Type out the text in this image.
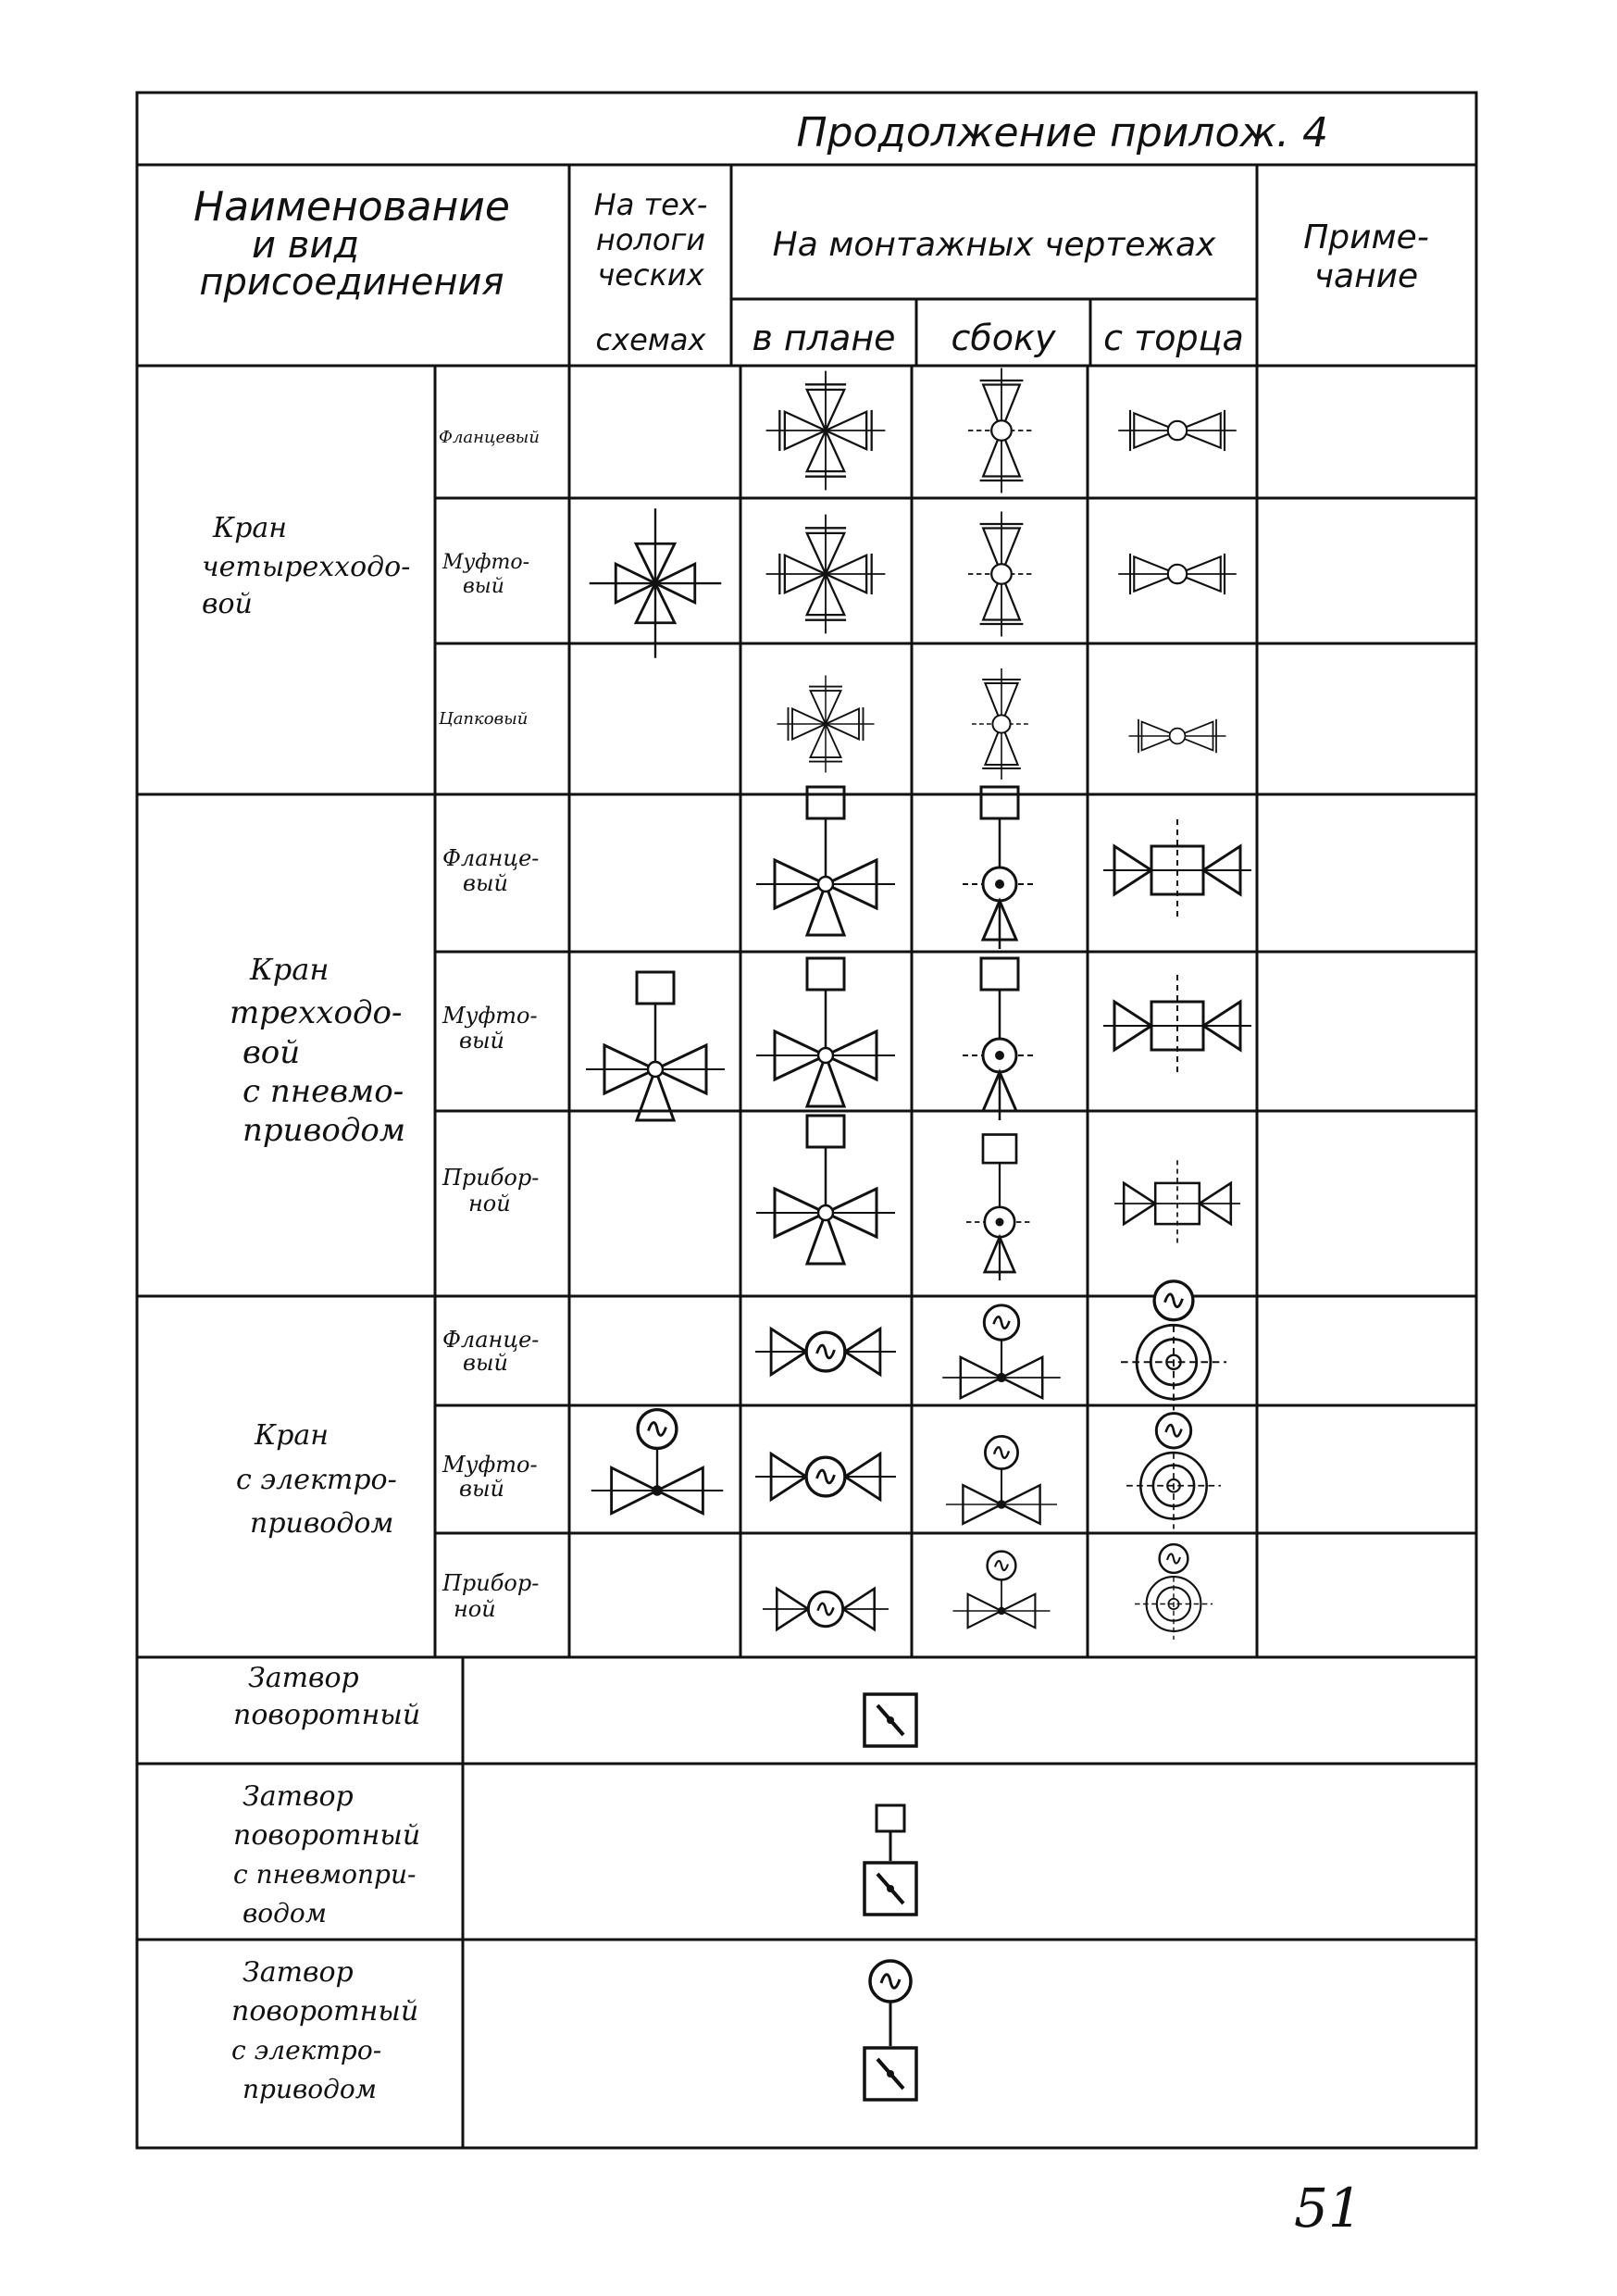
Продолжение прилож. 4
Наименование
и вид
присоединения
На тех-
нологи
ческих
схемах
На монтажных чертежах
в плане сбоку с торца
Приме-
чание
Кран
четырехходо-
вой
Фланцевый
Муфто-
вый
Цапковый
Кран
трехходо-
вой
с пневмо-
приводом
Фланце-
вый
Муфто-
вый
Прибор-
ной
Кран
с электро-
приводом
Фланце-
вый
Муфто-
вый
Прибор-
ной
Затвор
поворотный
Затвор
поворотный
с пневмопри-
водом
Затвор
поворотный
с электро-
приводом
51
